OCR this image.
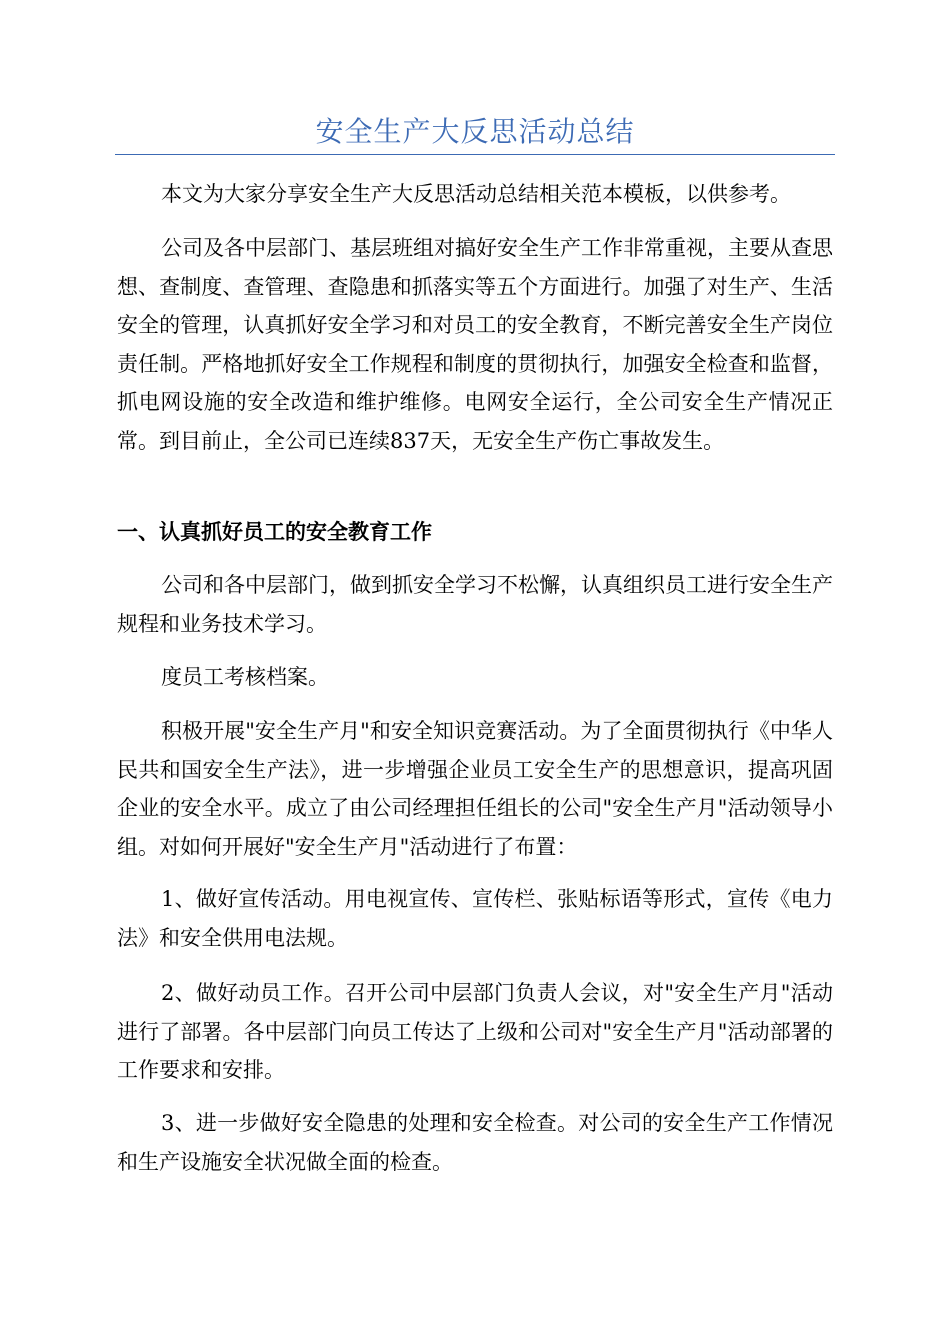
安全生产大反思活动总结

本文为大家分享安全生产大反思活动总结相关范本模板，以供参考。

公司及各中层部门、基层班组对搞好安全生产工作非常重视，主要从查思想、查制度、查管理、查隐患和抓落实等五个方面进行。加强了对生产、生活安全的管理，认真抓好安全学习和对员工的安全教育，不断完善安全生产岗位责任制。严格地抓好安全工作规程和制度的贯彻执行，加强安全检查和监督，抓电网设施的安全改造和维护维修。电网安全运行，全公司安全生产情况正常。到目前止，全公司已连续837天，无安全生产伤亡事故发生。

一、认真抓好员工的安全教育工作

公司和各中层部门，做到抓安全学习不松懈，认真组织员工进行安全生产规程和业务技术学习。

度员工考核档案。

积极开展"安全生产月"和安全知识竞赛活动。为了全面贯彻执行《中华人民共和国安全生产法》，进一步增强企业员工安全生产的思想意识，提高巩固企业的安全水平。成立了由公司经理担任组长的公司"安全生产月"活动领导小组。对如何开展好"安全生产月"活动进行了布置：

1、做好宣传活动。用电视宣传、宣传栏、张贴标语等形式，宣传《电力法》和安全供用电法规。

2、做好动员工作。召开公司中层部门负责人会议，对"安全生产月"活动进行了部署。各中层部门向员工传达了上级和公司对"安全生产月"活动部署的工作要求和安排。

3、进一步做好安全隐患的处理和安全检查。对公司的安全生产工作情况和生产设施安全状况做全面的检查。
